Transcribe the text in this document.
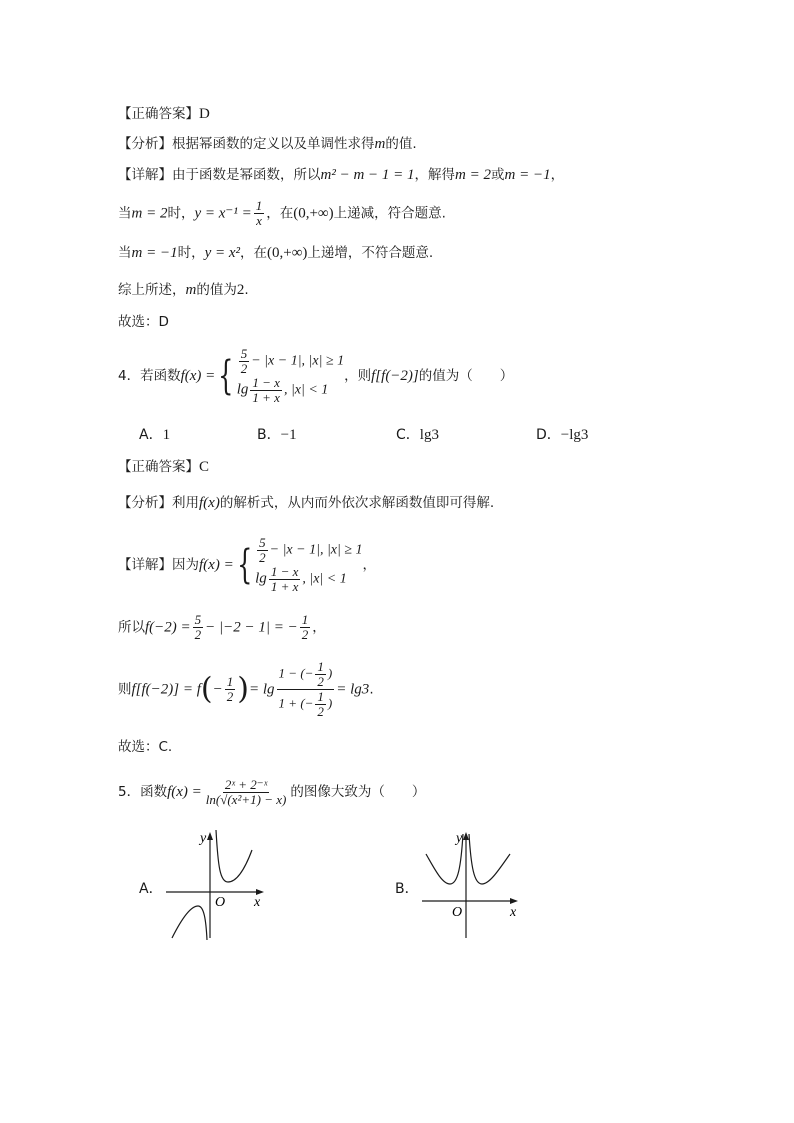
【正确答案】D
【分析】根据幂函数的定义以及单调性求得m的值.
【详解】由于函数是幂函数，所以m² − m − 1 = 1，解得m = 2或m = −1，
当m = 2时，$y = x^{-1} = \frac{1}{x}$ ，在(0,+∞)上递减，符合题意.
当m = −1时，y = x²，在(0,+∞)上递增，不符合题意.
综上所述，m的值为2.
故选：D
4．若函数f(x) ={ $\frac{5}{2} - |x - 1|$, |x| ≥ 1
$\lg \frac{1 - x}{1 + x}$ , |x| < 1
，则f[f(−2)]的值为（　　）
A．1	B．−1	C．lg3	D．−lg3
【正确答案】C
【分析】利用f(x)的解析式，从内而外依次求解函数值即可得解.
【详解】因为f(x) ={ $\frac{5}{2} - |x - 1|$, |x| ≥ 1
$\lg \frac{1 - x}{1 + x}$ , |x| < 1
，
所以$f(-2) = \frac{5}{2} - |-2 - 1|$ = − $\frac{1}{2}$ ，
则$f[f(-2)] = f(- \frac{1}{2}$ )= $\lg \frac{1 - (- \frac{1}{2} )}{1 + (- \frac{1}{2} )} = \lg 3$.
故选：C.
5．函数$f(x) = \frac{\text{2ˣ + 2⁻ˣ}}{\text{ln(√(x²+1) − x)}}$ 的图像大致为（　　）
A．
y
x
O
B．
y
x
O
